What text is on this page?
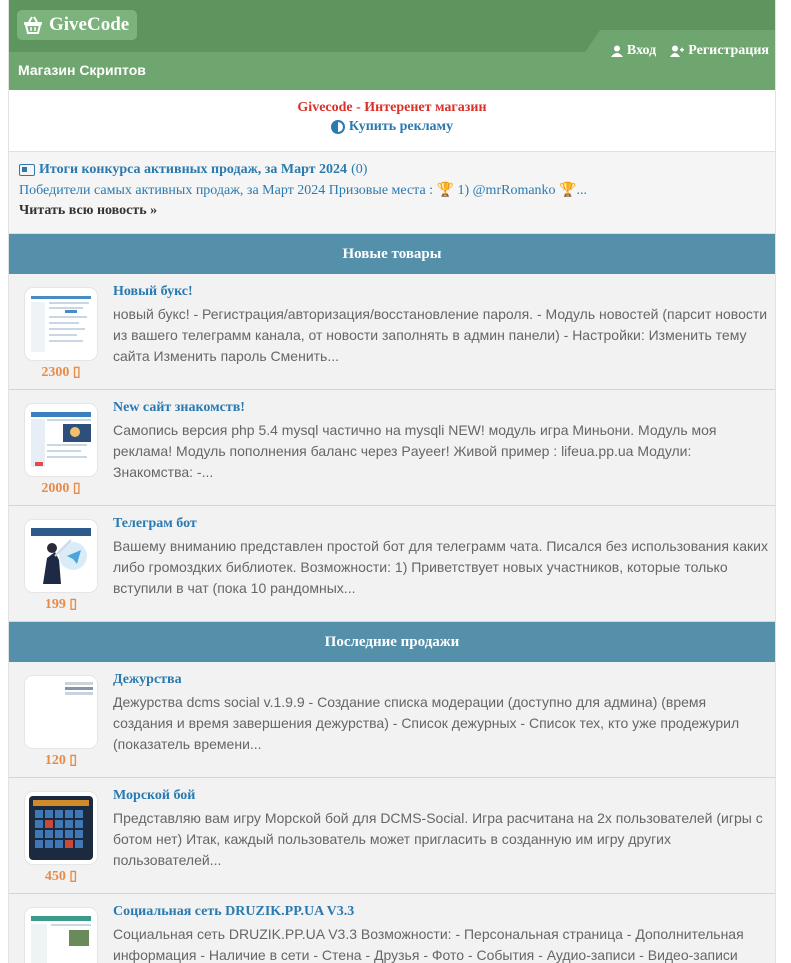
GiveCode
Магазин Скриптов
Вход Регистрация
Givecode - Интеренет магазин
Купить рекламу
Итоги конкурса активных продаж, за Март 2024 (0)
Победители самых активных продаж, за Март 2024 Призовые места : 🏆 1) @mrRomanko 🏆...
Читать всю новость »
Новые товары
2300 ▯
Новый букс!
новый букс! - Регистрация/авторизация/восстановление пароля. - Модуль новостей (парсит новости из вашего телеграмм канала, от новости заполнять в админ панели) - Настройки: Изменить тему сайта Изменить пароль Сменить...
2000 ▯
New сайт знакомств!
Самопись версия php 5.4 mysql частично на mysqli NEW! модуль игра Миньони. Модуль моя реклама! Модуль пополнения баланс через Payeer! Живой пример : lifeua.pp.ua Модули: Знакомства: -...
199 ▯
Телеграм бот
Вашему вниманию представлен простой бот для телеграмм чата. Писался без использования каких либо громоздких библиотек. Возможности: 1) Приветствует новых участников, которые только вступили в чат (пока 10 рандомных...
Последние продажи
120 ▯
Дежурства
Дежурства dcms social v.1.9.9 - Создание списка модерации (доступно для админа) (время создания и время завершения дежурства) - Список дежурных - Список тех, кто уже продежурил (показатель времени...
450 ▯
Морской бой
Представляю вам игру Морской бой для DCMS-Social. Игра расчитана на 2х пользователей (игры с ботом нет) Итак, каждый пользователь может пригласить в созданную им игру других пользователей...
Социальная сеть DRUZIK.PP.UA V3.3
Социальная сеть DRUZIK.PP.UA V3.3 Возможности: - Персональная страница - Дополнительная информация - Наличие в сети - Стена - Друзья - Фото - События - Аудио-записи - Видео-записи
